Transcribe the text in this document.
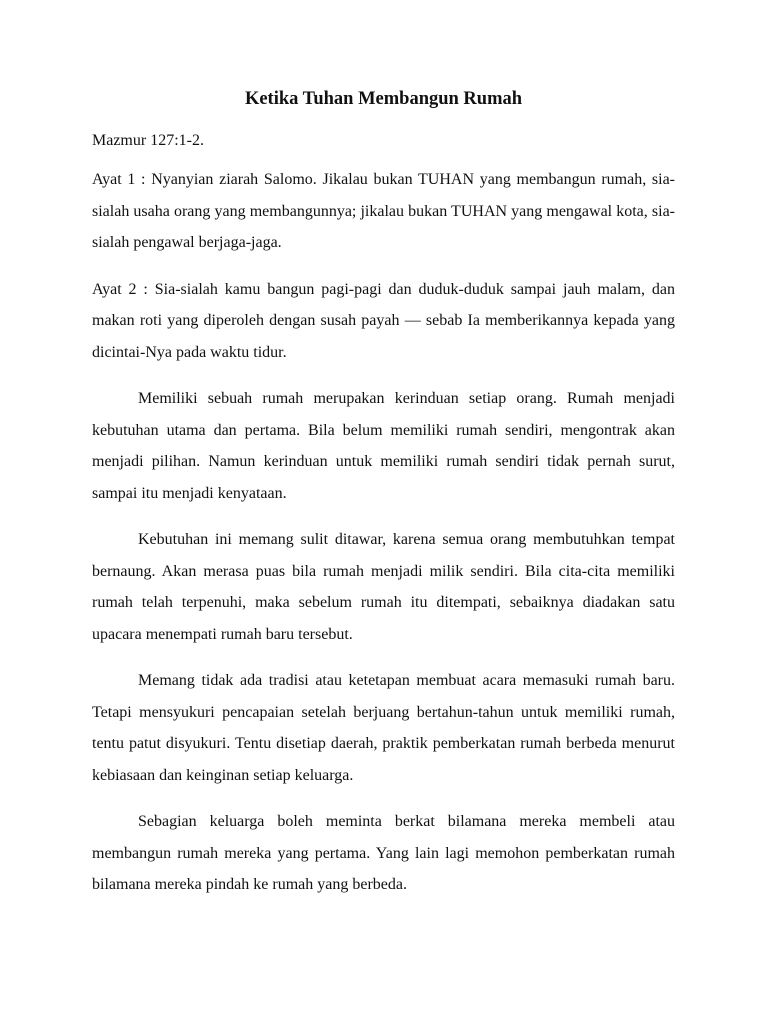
Ketika Tuhan Membangun Rumah

Mazmur 127:1-2.

Ayat 1 : Nyanyian ziarah Salomo. Jikalau bukan TUHAN yang membangun rumah, sia-sialah usaha orang yang membangunnya; jikalau bukan TUHAN yang mengawal kota, sia-sialah pengawal berjaga-jaga.

Ayat 2 : Sia-sialah kamu bangun pagi-pagi dan duduk-duduk sampai jauh malam, dan makan roti yang diperoleh dengan susah payah — sebab Ia memberikannya kepada yang dicintai-Nya pada waktu tidur.

Memiliki sebuah rumah merupakan kerinduan setiap orang. Rumah menjadi kebutuhan utama dan pertama. Bila belum memiliki rumah sendiri, mengontrak akan menjadi pilihan. Namun kerinduan untuk memiliki rumah sendiri tidak pernah surut, sampai itu menjadi kenyataan.

Kebutuhan ini memang sulit ditawar, karena semua orang membutuhkan tempat bernaung. Akan merasa puas bila rumah menjadi milik sendiri. Bila cita-cita memiliki rumah telah terpenuhi, maka sebelum rumah itu ditempati, sebaiknya diadakan satu upacara menempati rumah baru tersebut.

Memang tidak ada tradisi atau ketetapan membuat acara memasuki rumah baru. Tetapi mensyukuri pencapaian setelah berjuang bertahun-tahun untuk memiliki rumah, tentu patut disyukuri. Tentu disetiap daerah, praktik pemberkatan rumah berbeda menurut kebiasaan dan keinginan setiap keluarga.

Sebagian keluarga boleh meminta berkat bilamana mereka membeli atau membangun rumah mereka yang pertama. Yang lain lagi memohon pemberkatan rumah bilamana mereka pindah ke rumah yang berbeda.
